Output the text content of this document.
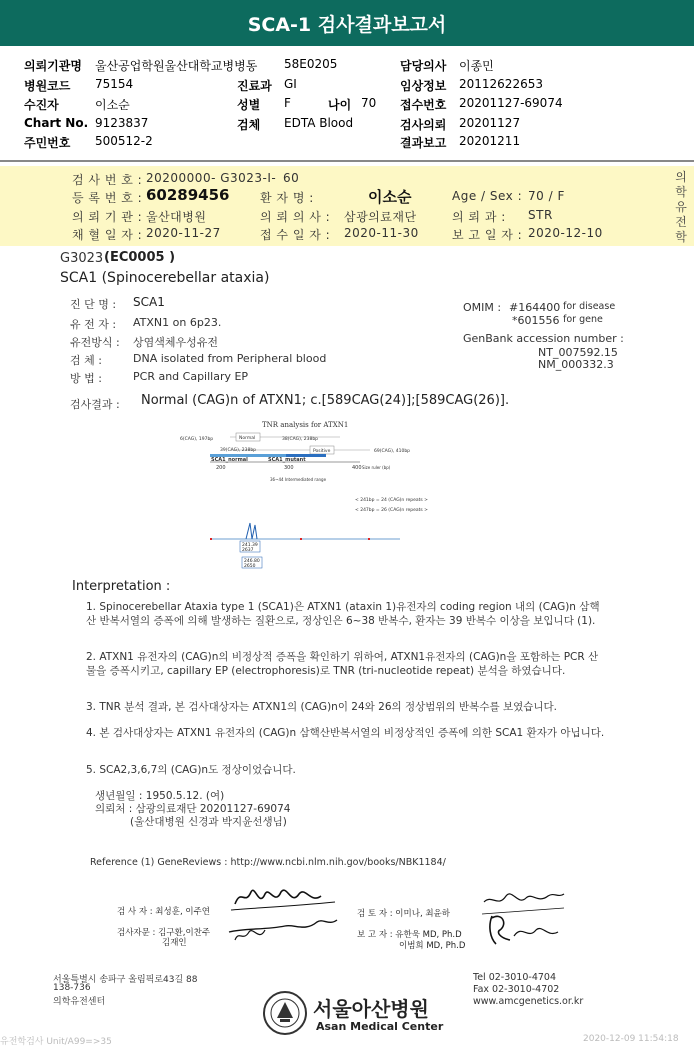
SCA-1 검사결과보고서
의뢰기관명 울산공업학원울산대학교병병동 58E0205	담당의사 이종민
병원코드 75154	진료과 GI	임상정보 20112622653
수진자	이소순	성별 F	나이 70 접수번호 20201127-69074
Chart No. 9123837	검체 EDTA Blood	검사의뢰 20201127
주민번호 500512-2	결과보고 20201211
검 사 번 호 : 20200000- G3023-I- 60
등 록 번 호 : 60289456	환 자 명 :	이소순	Age / Sex : 70 / F
의 뢰 기 관 : 울산대병원	의 뢰 의 사 : 삼광의료재단	의 뢰 과 : STR
채 혈 일 자 : 2020-11-27	접 수 일 자 : 2020-11-30	보 고 일 자 : 2020-12-10
의
학
유
전
학
G3023 (EC0005 )
SCA1 (Spinocerebellar ataxia)
진 단 명 : SCA1
유 전 자 : ATXN1 on 6p23.
유전방식 : 상염색체우성유전
검 체 :	DNA isolated from Peripheral blood
방 법 :	PCR and Capillary EP
OMIM : #164400 for disease
*601556 for gene
GenBank accession number :
NT_007592.15
NM_000332.3
검사결과 : Normal (CAG)n of ATXN1; c.[589CAG(24)];[589CAG(26)].
TNR analysis for ATXN1
6(CAG), 197bp	Normal	38(CAG), 238bp
39(CAG), 238bp	Positive	69(CAG), 410bp
SCA1_normal	SCA1_mutant
200	300	400 Size ruler (bp)
36~44 Intermediated range
< 241bp = 24 (CAG)n repeats >
< 247bp = 26 (CAG)n repeats >
241.39
2637
246.80
2650
Interpretation :
1. Spinocerebellar Ataxia type 1 (SCA1)은 ATXN1 (ataxin 1)유전자의 coding region 내의 (CAG)n 삼핵산 반복서열의 증폭에 의해 발생하는 질환으로, 정상인은 6~38 반복수, 환자는 39 반복수 이상을 보입니다 (1).
2. ATXN1 유전자의 (CAG)n의 비정상적 증폭을 확인하기 위하여, ATXN1유전자의 (CAG)n을 포함하는 PCR 산물을 증폭시키고, capillary EP (electrophoresis)로 TNR (tri-nucleotide repeat) 분석을 하였습니다.
3. TNR 분석 결과, 본 검사대상자는 ATXN1의 (CAG)n이 24와 26의 정상범위의 반복수를 보였습니다.
4. 본 검사대상자는 ATXN1 유전자의 (CAG)n 삼핵산반복서열의 비정상적인 증폭에 의한 SCA1 환자가 아닙니다.
5. SCA2,3,6,7의 (CAG)n도 정상이었습니다.
생년월일 : 1950.5.12. (여)
의뢰처 : 삼광의료재단 20201127-69074
(울산대병원 신경과 박지윤선생님)
Reference (1) GeneReviews : http://www.ncbi.nlm.nih.gov/books/NBK1184/
검 사 자 : 최성훈, 이주연
검사자문 : 김구환,이찬주
김재인
검 토 자 : 이미나, 최윤하
보 고 자 : 유한욱 MD, Ph.D
이범희 MD, Ph.D
서울특별시 송파구 올림픽로43길 88
138-736
의학유전센터	서울아산병원
Asan Medical Center
Tel 02-3010-4704
Fax 02-3010-4702
www.amcgenetics.or.kr
유전학검사 Unit/A99=>35	2020-12-09 11:54:18
